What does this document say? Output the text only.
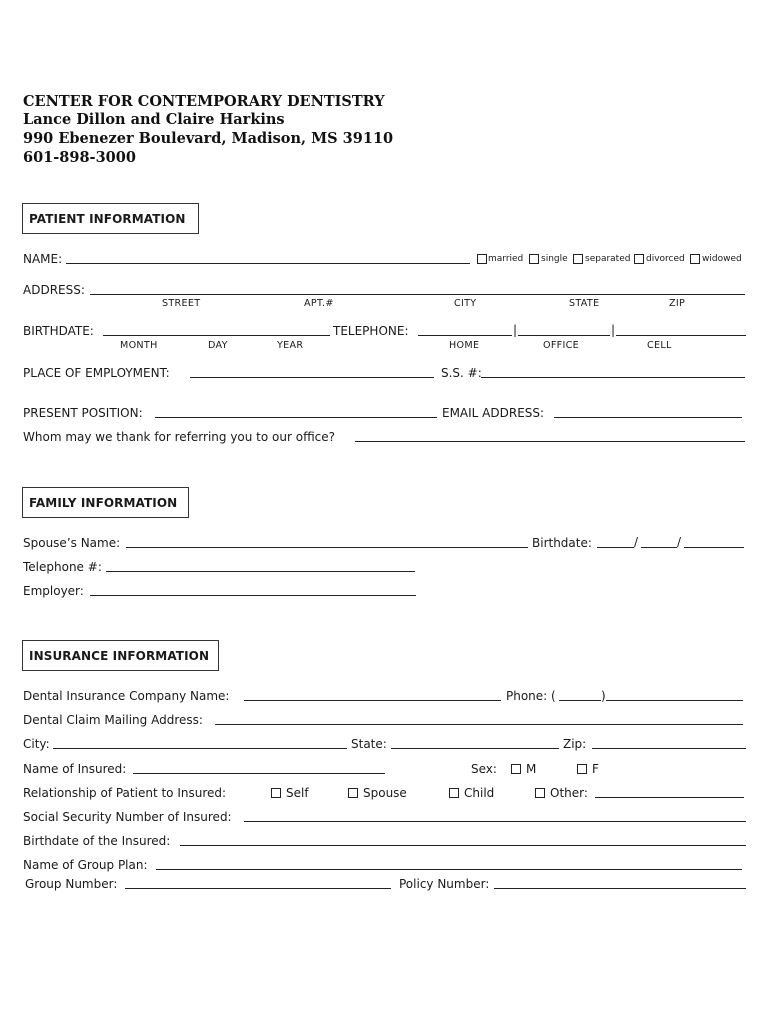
CENTER FOR CONTEMPORARY DENTISTRY
Lance Dillon and Claire Harkins
990 Ebenezer Boulevard, Madison, MS 39110
601-898-3000
PATIENT INFORMATION
NAME:	married single separated divorced widowed
ADDRESS:
STREET	APT.#	CITY	STATE	ZIP
BIRTHDATE:	TELEPHONE:	|	|
MONTH	DAY	YEAR	HOME	OFFICE	CELL
PLACE OF EMPLOYMENT:	S.S. #:
PRESENT POSITION:	EMAIL ADDRESS:
Whom may we thank for referring you to our office?
FAMILY INFORMATION
Spouse’s Name:	Birthdate:	/	/
Telephone #:
Employer:
INSURANCE INFORMATION
Dental Insurance Company Name:	Phone: (	)
Dental Claim Mailing Address:
City:	State:	Zip:
Name of Insured:	Sex: M	F
Relationship of Patient to Insured:	Self	Spouse	Child	Other:
Social Security Number of Insured:
Birthdate of the Insured:
Name of Group Plan:
Group Number:	Policy Number:
